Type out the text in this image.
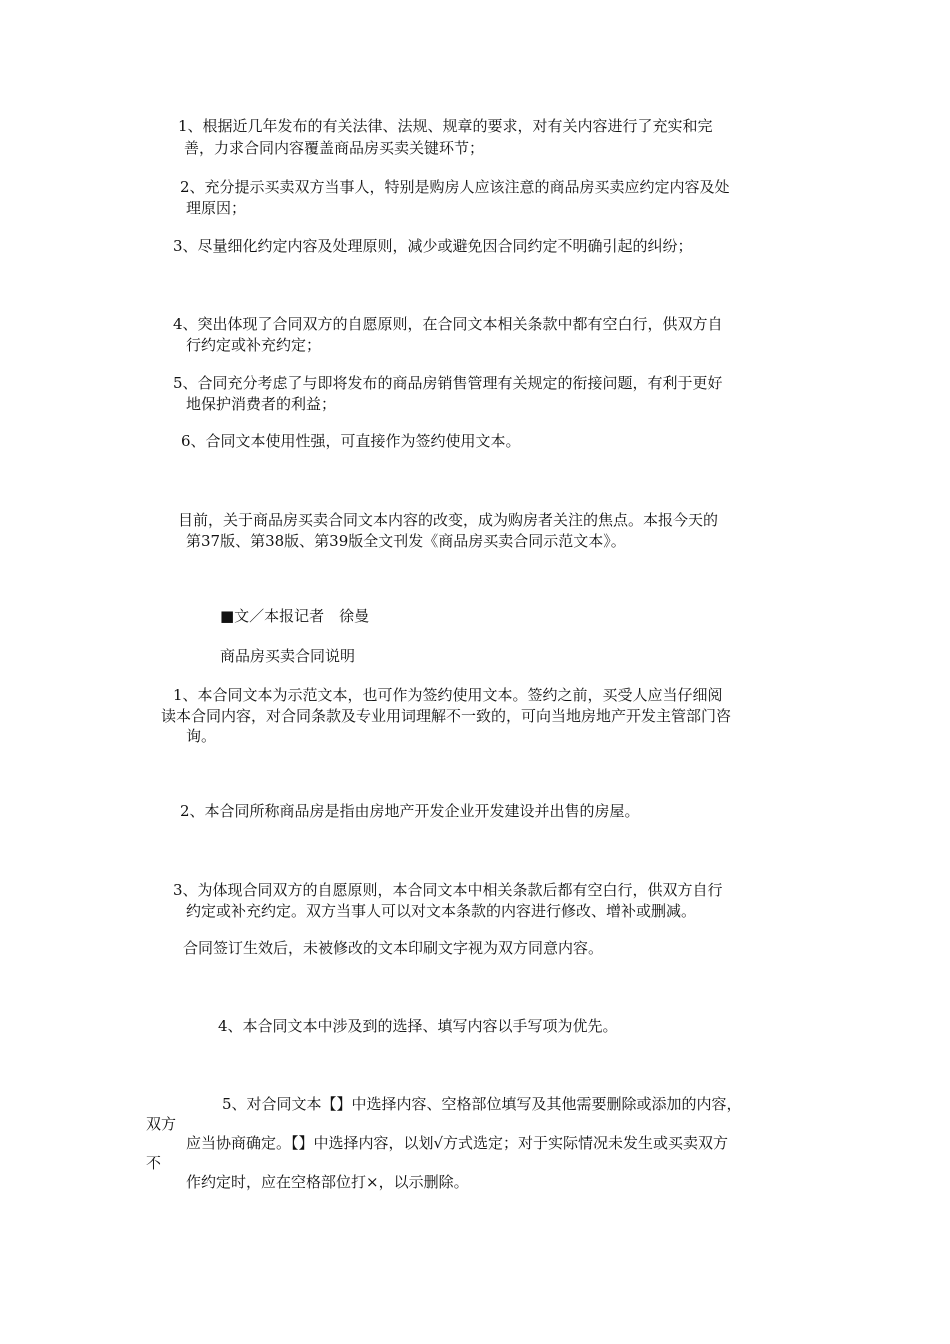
1、根据近几年发布的有关法律、法规、规章的要求，对有关内容进行了充实和完
善，力求合同内容覆盖商品房买卖关键环节；
2、充分提示买卖双方当事人，特别是购房人应该注意的商品房买卖应约定内容及处
理原因；
3、尽量细化约定内容及处理原则，减少或避免因合同约定不明确引起的纠纷；
4、突出体现了合同双方的自愿原则，在合同文本相关条款中都有空白行，供双方自
行约定或补充约定；
5、合同充分考虑了与即将发布的商品房销售管理有关规定的衔接问题，有利于更好
地保护消费者的利益；
6、合同文本使用性强，可直接作为签约使用文本。
目前，关于商品房买卖合同文本内容的改变，成为购房者关注的焦点。本报今天的
第37版、第38版、第39版全文刊发《商品房买卖合同示范文本》。
■文／本报记者　徐曼
商品房买卖合同说明
1、本合同文本为示范文本，也可作为签约使用文本。签约之前，买受人应当仔细阅
读本合同内容，对合同条款及专业用词理解不一致的，可向当地房地产开发主管部门咨
询。
2、本合同所称商品房是指由房地产开发企业开发建设并出售的房屋。
3、为体现合同双方的自愿原则，本合同文本中相关条款后都有空白行，供双方自行
约定或补充约定。双方当事人可以对文本条款的内容进行修改、增补或删减。
合同签订生效后，未被修改的文本印刷文字视为双方同意内容。
4、本合同文本中涉及到的选择、填写内容以手写项为优先。
5、对合同文本【】中选择内容、空格部位填写及其他需要删除或添加的内容，
双方
应当协商确定。【】中选择内容，以划√方式选定；对于实际情况未发生或买卖双方
不
作约定时，应在空格部位打×，以示删除。
